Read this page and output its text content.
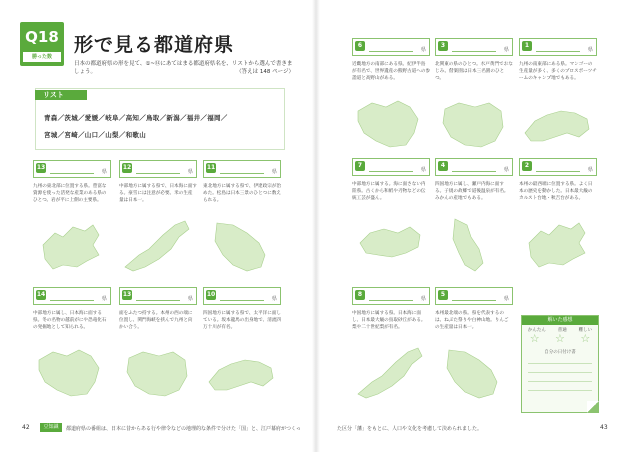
Q18
勝った数
形で見る都道府県
日本の都道府県の形を見て、①~⑭にあてはまる都道府県名を、リストから選んで書きましょう。	（答えは 148 ページ）
リスト
青森／茨城／愛媛／岐阜／高知／鳥取／新潟／福井／福岡／
宮城／宮崎／山口／山梨／和歌山
13
県
九州の東北部に位置する県。豊富な資源を使った活発な産業のある県のひとつ。岩が平に上側の主要県。
12
県
中部地方に属する県で、日本海に面する。豪雪には注意が必要。米の生産量は日本一。
11
県
東北地方に属する県で、伊達政宗が治めた。松島は日本三景のひとつに数えられる。
14
県
中部地方に属し、日本海に面する県。冬の名物の越前がにや恐竜化石の発掘地として知られる。
13
県
面をふたつ持する。本州の西の端に位置し、関門海峡を挟んで九州と向かい合う。
10
県
四国地方に属する県で、太平洋に面している。坂本龍馬の出身地で、清流四万十川が有名。
6
県
近畿地方の南部にある県。紀伊半島が有名で、世界遺産の熊野古道への参詣道と高野山がある。
3
県
北関東の県のひとつ。水戸黄門でおなじみ。偕楽園は日本三名園のひとつ。
1
県
九州の南東部にある県。マンゴーの生産量が多く、多くのプロスポーツチームのキャンプ地でもある。
7
県
中部地方に属する。海に面さない内陸県。古くから和紙や刃物などの伝統工芸が盛ん。
4
県
四国地方に属し、瀬戸内海に面する。子規の故郷で道後温泉が有名。みかんの産地でもある。
2
県
本州の最西端に位置する県。よく日本の歴史を動かした。日本最大級のカルスト台地・秋吉台がある。
8
県
中国地方に属する県。日本海に面し、日本最大級の鳥取砂丘がある。梨や二十世紀梨が有名。
5
県
本州最北端の県。県を代表するのは、ねぶた祭りや白神山地。りんごの生産量は日本一。
解いた感想
かんたん	普通	難しい
☆ ☆ ☆
自分の日付け書
42	豆知識	都道府県の番組は、日本に昔からある行や律令などの地理的な条件で分けた「国」と、江戸幕府がつくっ	た区分「藩」をもとに、人口や文化を考慮して決められました。	43
